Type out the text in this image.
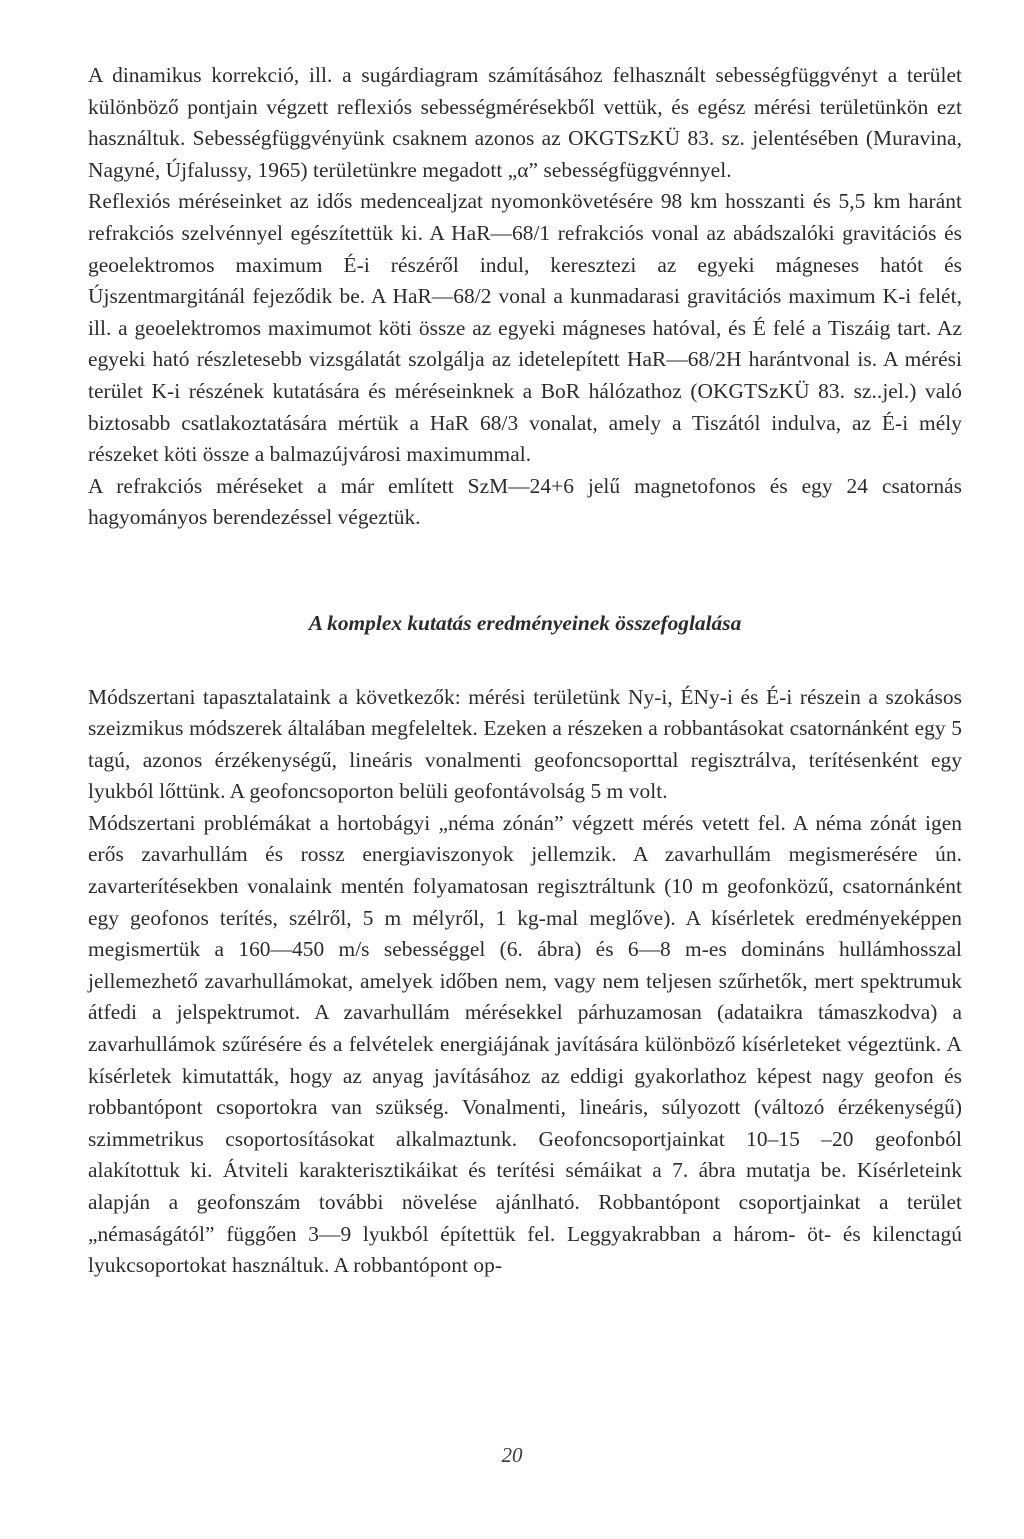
A dinamikus korrekció, ill. a sugárdiagram számításához felhasznált sebességfüggvényt a terület különböző pontjain végzett reflexiós sebességmérésekből vettük, és egész mérési területünkön ezt használtuk. Sebességfüggvényünk csaknem azonos az OKGTSzKÜ 83. sz. jelentésében (Muravina, Nagyné, Újfalussy, 1965) területünkre megadott „α” sebességfüggvénnyel.

Reflexiós méréseinket az idős medencealjzat nyomonkövetésére 98 km hosszanti és 5,5 km haránt refrakciós szelvénnyel egészítettük ki. A HaR—68/1 refrakciós vonal az abádszalóki gravitációs és geoelektromos maximum É-i részéről indul, keresztezi az egyeki mágneses hatót és Újszentmargitánál fejeződik be. A HaR—68/2 vonal a kunmadarasi gravitációs maximum K-i felét, ill. a geoelektromos maximumot köti össze az egyeki mágneses hatóval, és É felé a Tiszáig tart. Az egyeki ható részletesebb vizsgálatát szolgálja az idetelepített HaR—68/2H harántvonal is. A mérési terület K-i részének kutatására és méréseinknek a BoR hálózathoz (OKGTSzKÜ 83. sz..jel.) való biztosabb csatlakoztatására mértük a HaR 68/3 vonalat, amely a Tiszától indulva, az É-i mély részeket köti össze a balmazújvárosi maximummal.

A refrakciós méréseket a már említett SzM—24+6 jelű magnetofonos és egy 24 csatornás hagyományos berendezéssel végeztük.

A komplex kutatás eredményeinek összefoglalása

Módszertani tapasztalataink a következők: mérési területünk Ny-i, ÉNy-i és É-i részein a szokásos szeizmikus módszerek általában megfeleltek. Ezeken a részeken a robbantásokat csatornánként egy 5 tagú, azonos érzékenységű, lineáris vonalmenti geofoncsoporttal regisztrálva, terítésenként egy lyukból lőttünk. A geofoncsoporton belüli geofontávolság 5 m volt.

Módszertani problémákat a hortobágyi „néma zónán” végzett mérés vetett fel. A néma zónát igen erős zavarhullám és rossz energiaviszonyok jellemzik. A zavarhullám megismerésére ún. zavarterítésekben vonalaink mentén folyamatosan regisztráltunk (10 m geofonközű, csatornánként egy geofonos terítés, szélről, 5 m mélyről, 1 kg-mal meglőve). A kísérletek eredményeképpen megismertük a 160—450 m/s sebességgel (6. ábra) és 6—8 m-es domináns hullámhosszal jellemezhető zavarhullámokat, amelyek időben nem, vagy nem teljesen szűrhetők, mert spektrumuk átfedi a jelspektrumot. A zavarhullám mérésekkel párhuzamosan (adataikra támaszkodva) a zavarhullámok szűrésére és a felvételek energiájának javítására különböző kísérleteket végeztünk. A kísérletek kimutatták, hogy az anyag javításához az eddigi gyakorlathoz képest nagy geofon és robbantópont csoportokra van szükség. Vonalmenti, lineáris, súlyozott (változó érzékenységű) szimmetrikus csoportosításokat alkalmaztunk. Geofoncsoportjainkat 10–15 –20 geofonból alakítottuk ki. Átviteli karakterisztikáikat és terítési sémáikat a 7. ábra mutatja be. Kísérleteink alapján a geofonszám további növelése ajánlható. Robbantópont csoportjainkat a terület „némaságától” függően 3—9 lyukból építettük fel. Leggyakrabban a három- öt- és kilenctagú lyukcsoportokat használtuk. A robbantópont op-

20
